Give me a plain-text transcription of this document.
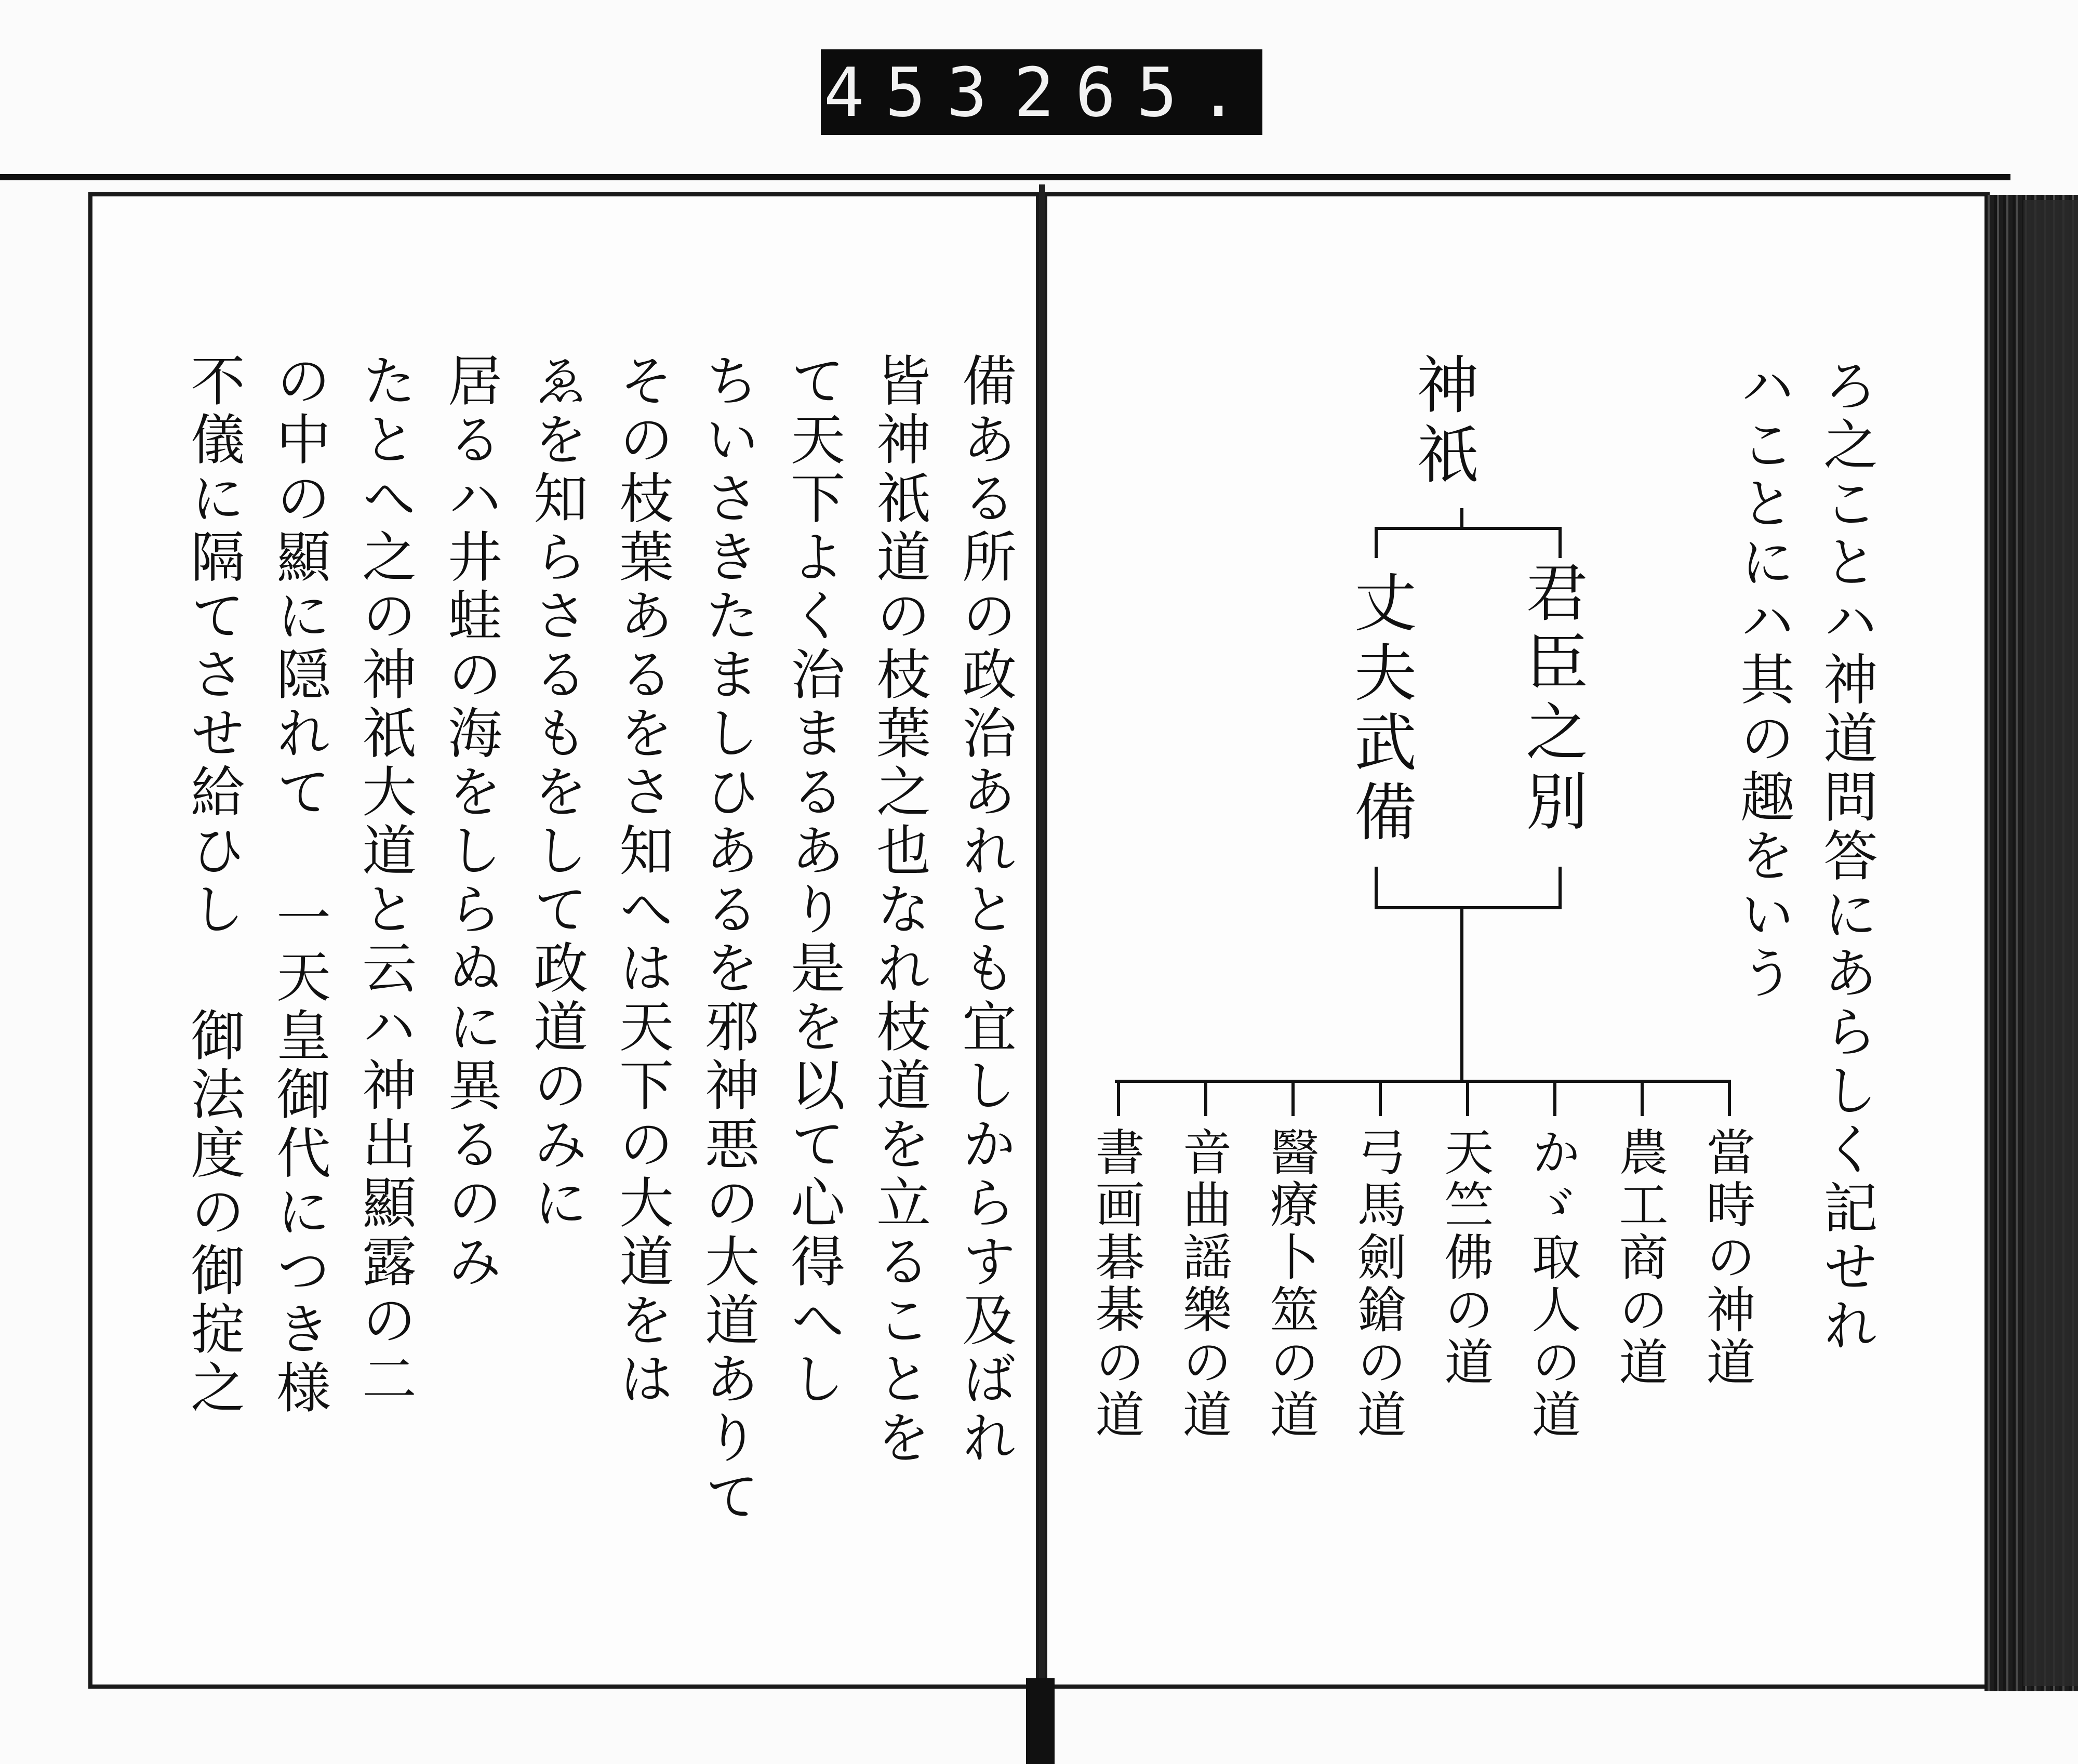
453 265.
備ある所の政治あれとも宜しからす及ばれ
皆神祇道の枝葉之也なれ枝道を立ることを
て天下よく治まるあり是を以て心得へし
ちいさきたましひあるを邪神悪の大道ありて
その枝葉あるをさ知へは天下の大道をは
ゑを知らさるもをして政道のみに
居るハ井蛙の海をしらぬに異るのみ
たとへ之の神祇大道と云ハ神出顯露の二
の中の顯に隠れて 一天皇御代につき様
不儀に隔てさせ給ひし 御法度の御掟之	ろ之ことハ神道問答にあらしく記せれ
ハことにハ其の趣をいう
神祇
君臣之別
丈夫武備
當時の神道
農工商の道
かゞ取人の道
天竺佛の道
弓馬劍鎗の道
醫療卜筮の道
音曲謡樂の道
書画碁棊の道
